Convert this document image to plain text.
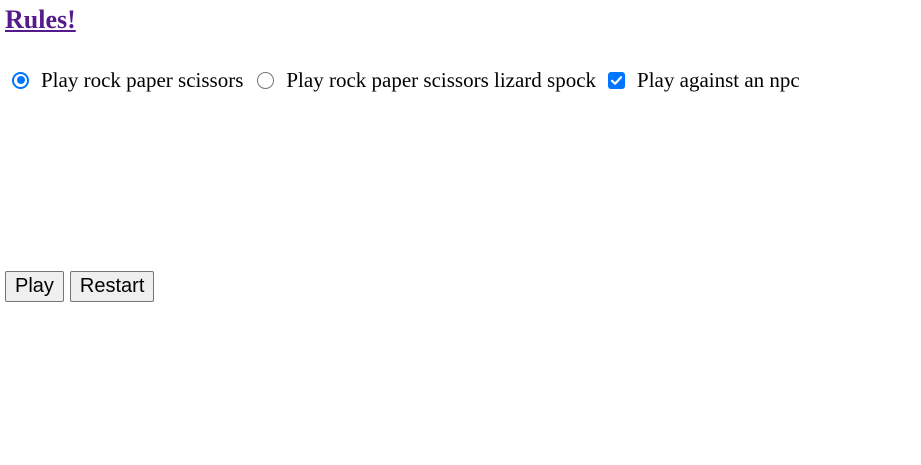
Rules!
Play rock paper scissors Play rock paper scissors lizard spock Play against an npc
Play	Restart
